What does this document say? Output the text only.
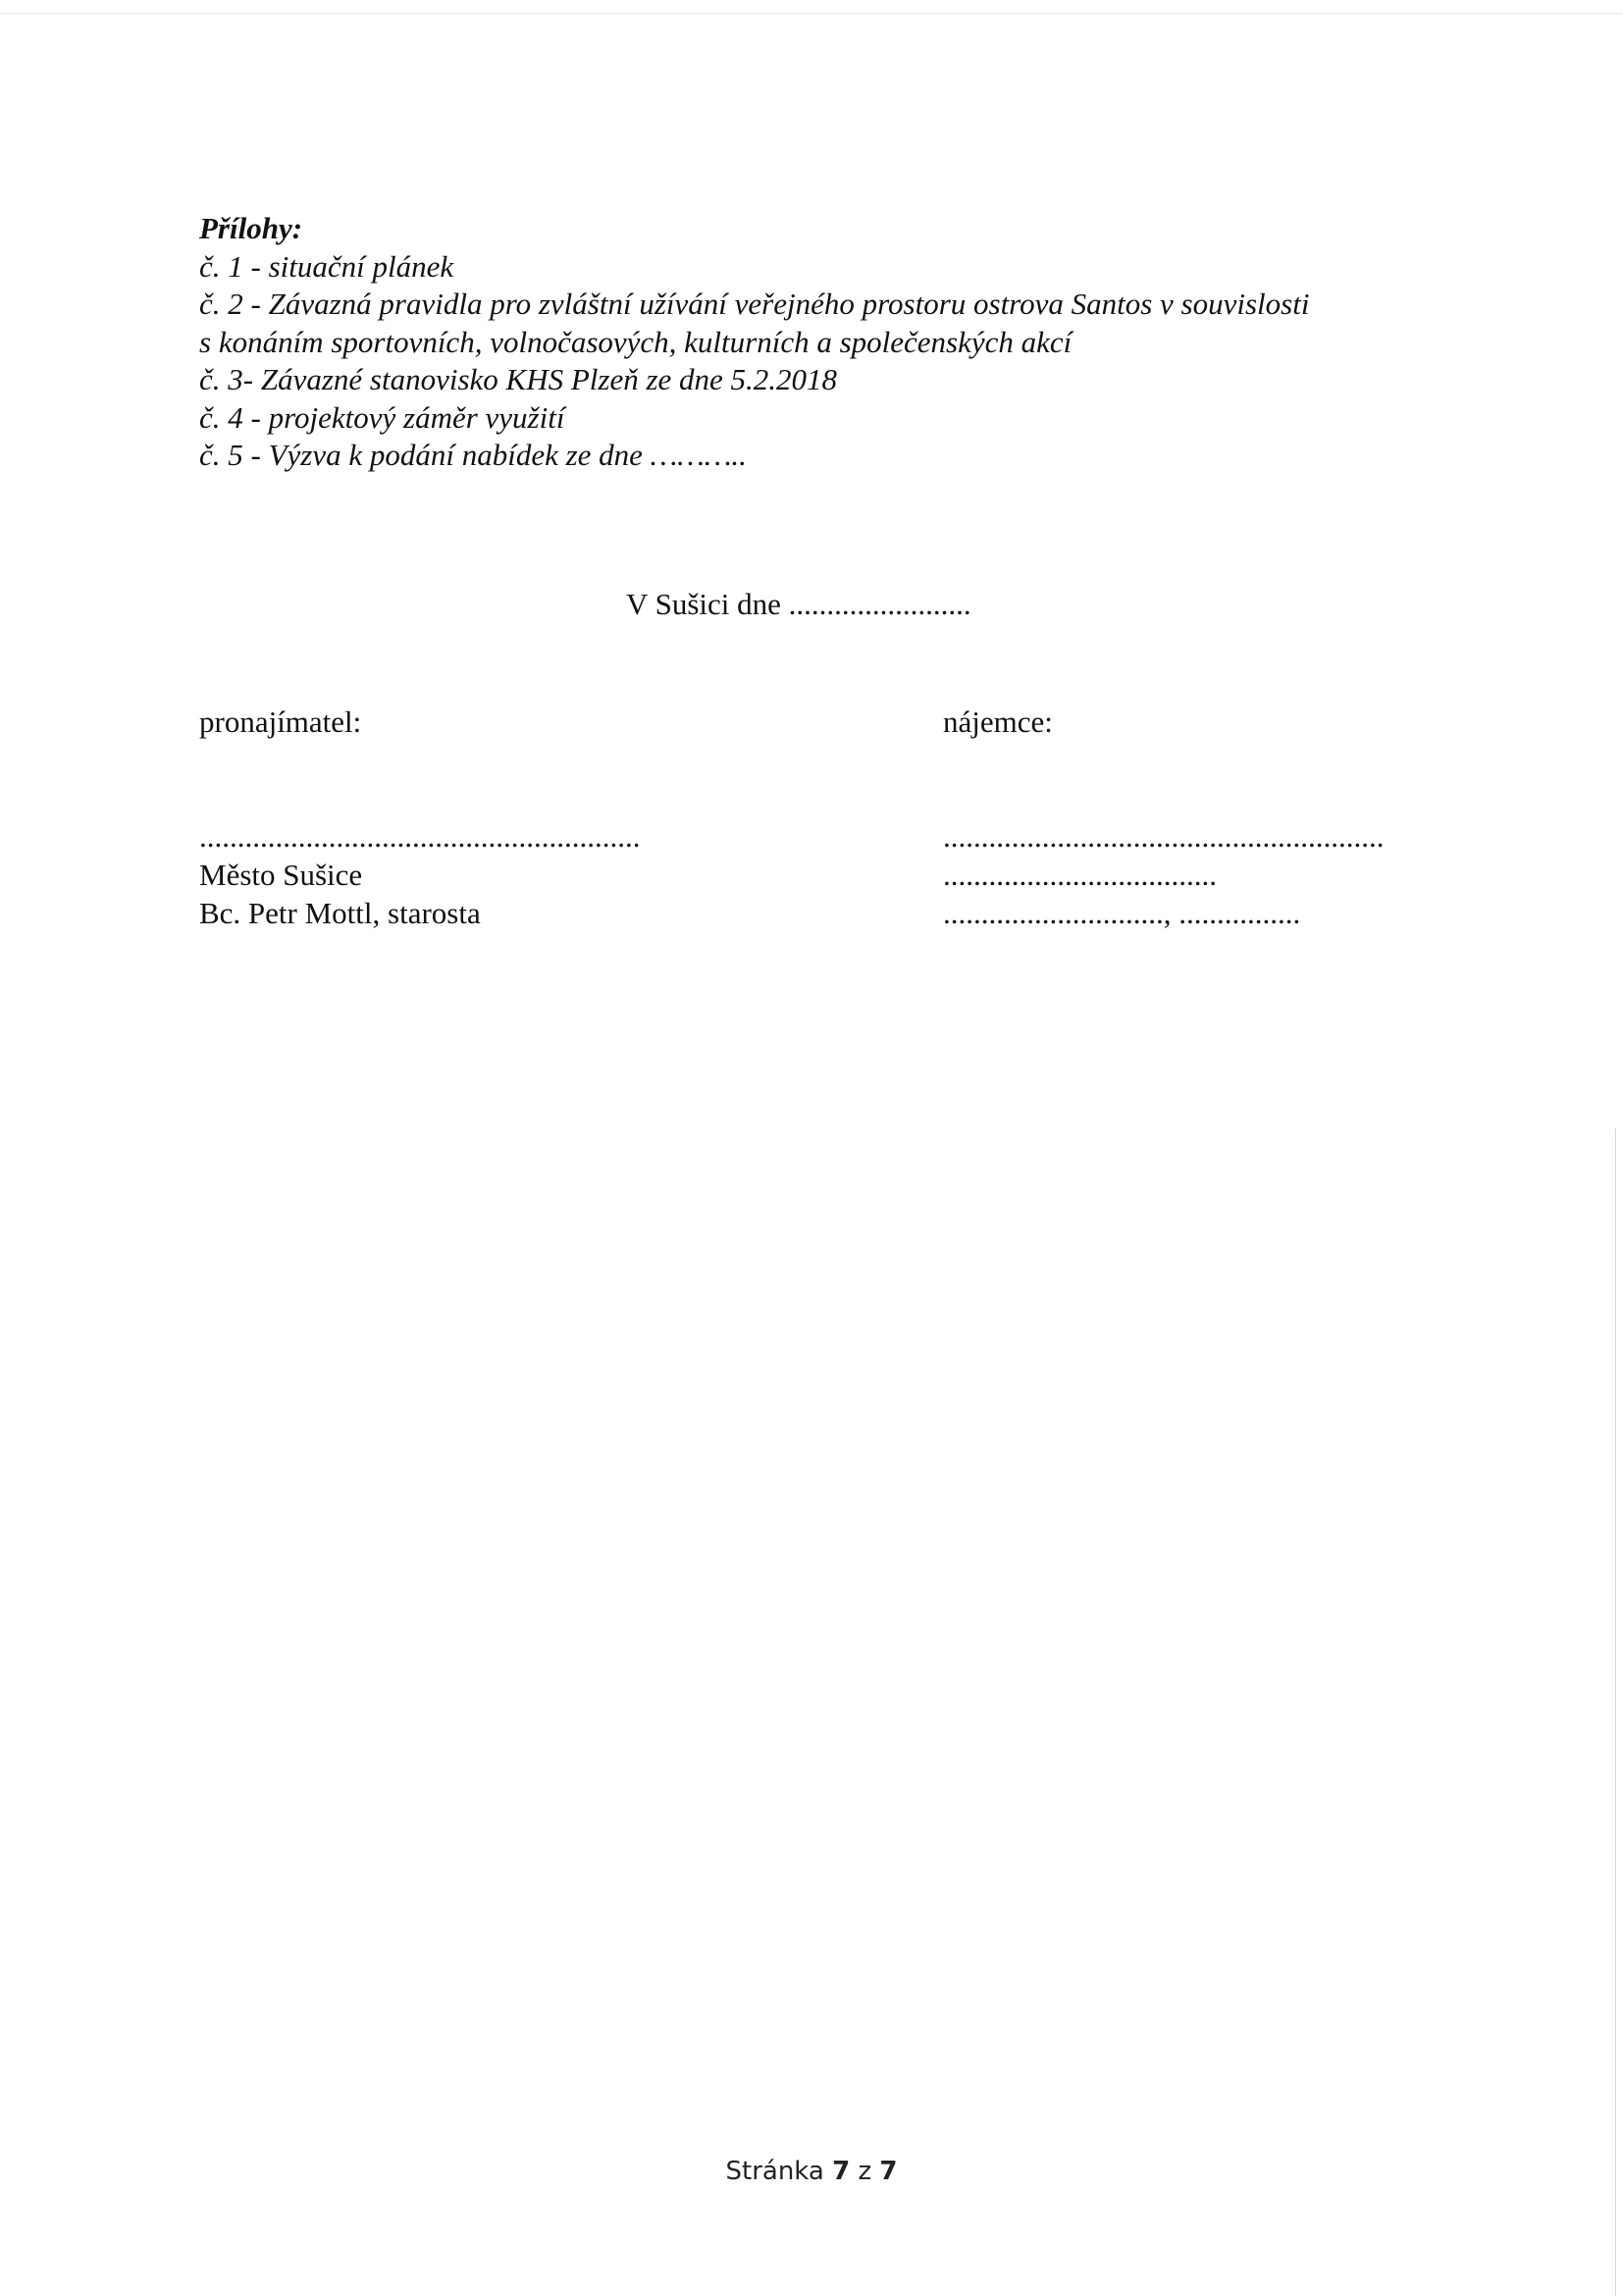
Přílohy:
č. 1 - situační plánek
č. 2 - Závazná pravidla pro zvláštní užívání veřejného prostoru ostrova Santos v souvislosti
s konáním sportovních, volnočasových, kulturních a společenských akcí
č. 3- Závazné stanovisko KHS Plzeň ze dne 5.2.2018
č. 4 - projektový záměr využití
č. 5 - Výzva k podání nabídek ze dne ………..
V Sušici dne ........................
pronajímatel:	nájemce:
..........................................................
Město Sušice
Bc. Petr Mottl, starosta
..........................................................
....................................
............................., ................
Stránka 7 z 7
